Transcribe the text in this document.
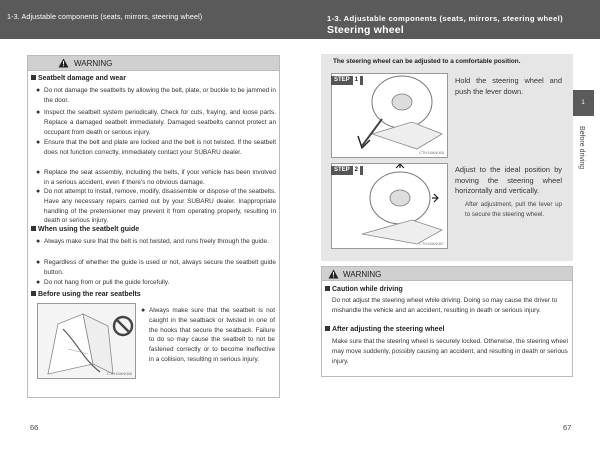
1-3. Adjustable components (seats, mirrors, steering wheel)	1-3. Adjustable components (seats, mirrors, steering wheel)
Steering wheel
1
Before driving
WARNING
Seatbelt damage and wear
● Do not damage the seatbelts by allowing the belt, plate, or buckle to be jammed in the door.
● Inspect the seatbelt system periodically. Check for cuts, fraying, and loose parts. Replace a damaged seatbelt immediately. Damaged seatbelts cannot protect an occupant from death or serious injury.
● Ensure that the belt and plate are locked and the belt is not twisted. If the seatbelt does not function correctly, immediately contact your SUBARU dealer.
● Replace the seat assembly, including the belts, if your vehicle has been involved in a serious accident, even if there's no obvious damage.
● Do not attempt to install, remove, modify, disassemble or dispose of the seatbelts. Have any necessary repairs carried out by your SUBARU dealer. Inappropriate handling of the pretensioner may prevent it from operating properly, resulting in death or serious injury.
When using the seatbelt guide
● Always make sure that the belt is not twisted, and runs freely through the guide.
● Regardless of whether the guide is used or not, always secure the seatbelt guide button.
● Do not hang from or pull the guide forcefully.
Before using the rear seatbelts
CTH18AN068
● Always make sure that the seatbelt is not caught in the seatback or twisted in one of the hooks that secure the seatback. Failure to do so may cause the seatbelt to not be fastened correctly or to become ineffective in a collision, resulting in serious injury.
The steering wheel can be adjusted to a comfortable position.
CTH18AN065
STEP 1	Hold the steering wheel and push the lever down.
CTH18AN067
STEP 2	Adjust to the ideal position by moving the steering wheel horizontally and vertically.
After adjustment, pull the lever up to secure the steering wheel.
WARNING
Caution while driving
Do not adjust the steering wheel while driving. Doing so may cause the driver to mishandle the vehicle and an accident, resulting in death or serious injury.
After adjusting the steering wheel
Make sure that the steering wheel is securely locked. Otherwise, the steering wheel may move suddenly, possibly causing an accident, and resulting in death or serious injury.
66	67
